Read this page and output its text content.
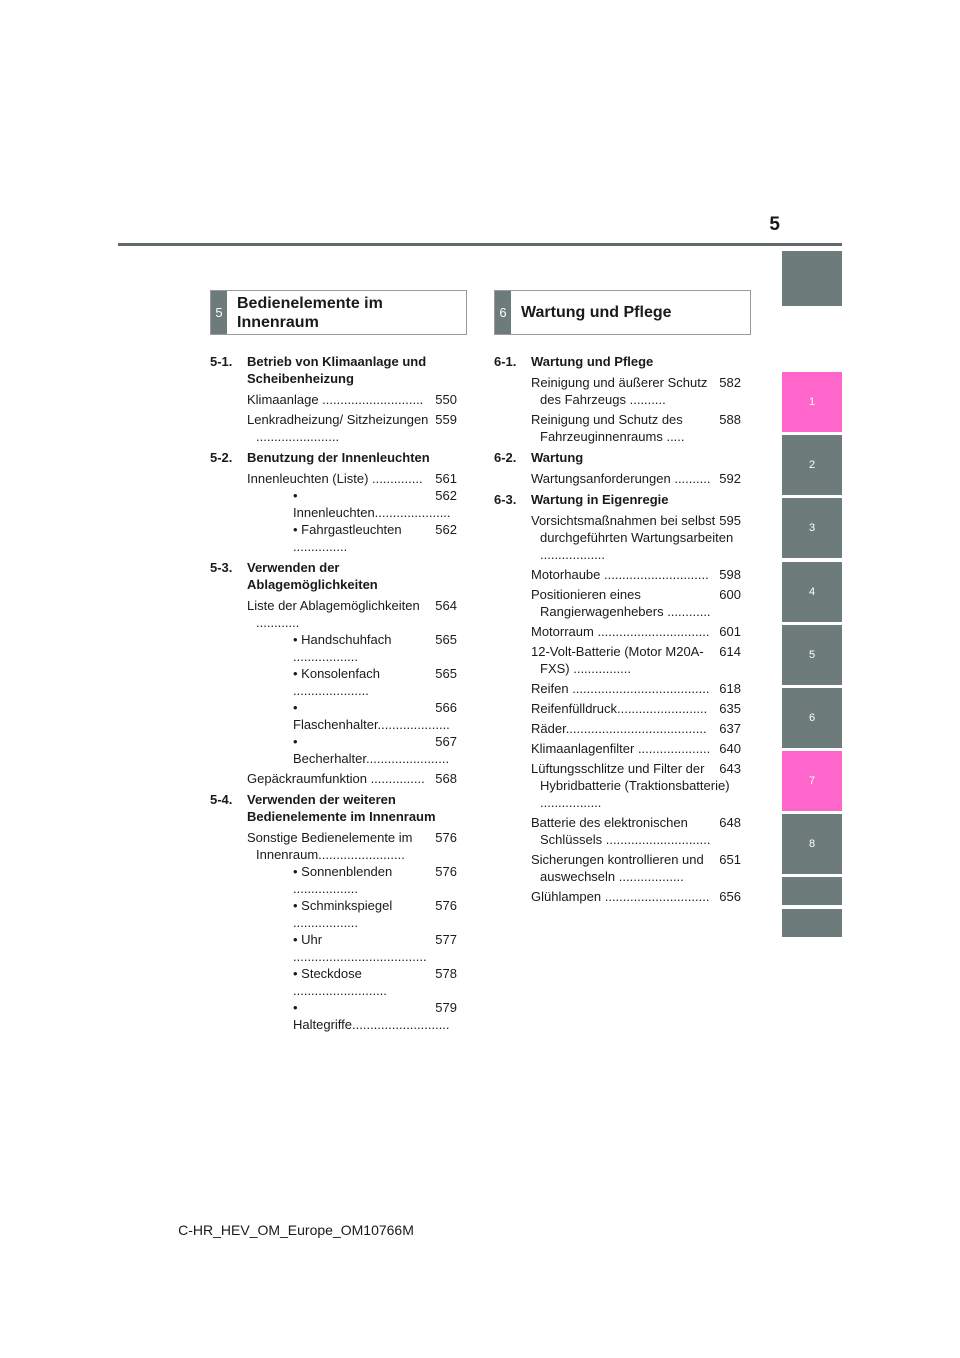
5
1
2
3
4
5
6
7
8
5
Bedienelemente im Innenraum
6 Wartung und Pflege
5-1. Betrieb von Klimaanlage und Scheibenheizung
550
Klimaanlage ............................
559
Lenkradheizung/ Sitzheizungen .......................
5-2. Benutzung der Innenleuchten
561
Innenleuchten (Liste) ..............
562
• Innenleuchten.....................
562
• Fahrgastleuchten ...............
5-3. Verwenden der Ablagemöglichkeiten
564
Liste der Ablagemöglichkeiten ............
565
• Handschuhfach ..................
565
• Konsolenfach .....................
566
• Flaschenhalter....................
567
• Becherhalter.......................
568
Gepäckraumfunktion ...............
5-4. Verwenden der weiteren Bedienelemente im Innenraum
576
Sonstige Bedienelemente im Innenraum........................
576
• Sonnenblenden ..................
576
• Schminkspiegel ..................
577
• Uhr .....................................
578
• Steckdose ..........................
579
• Haltegriffe...........................
6-1. Wartung und Pflege
582
Reinigung und äußerer Schutz des Fahrzeugs ..........
588
Reinigung und Schutz des Fahrzeuginnenraums .....
6-2. Wartung
592
Wartungsanforderungen ..........
6-3. Wartung in Eigenregie
595
Vorsichtsmaßnahmen bei selbst durchgeführten Wartungsarbeiten ..................
598
Motorhaube .............................
600
Positionieren eines Rangierwagenhebers ............
601
Motorraum ...............................
614
12-Volt-Batterie (Motor M20A-FXS) ................
618
Reifen ......................................
635
Reifenfülldruck.........................
637
Räder.......................................
640
Klimaanlagenfilter ....................
643
Lüftungsschlitze und Filter der Hybridbatterie (Traktionsbatterie) .................
648
Batterie des elektronischen Schlüssels .............................
651
Sicherungen kontrollieren und auswechseln ..................
656
Glühlampen .............................
C-HR_HEV_OM_Europe_OM10766M
